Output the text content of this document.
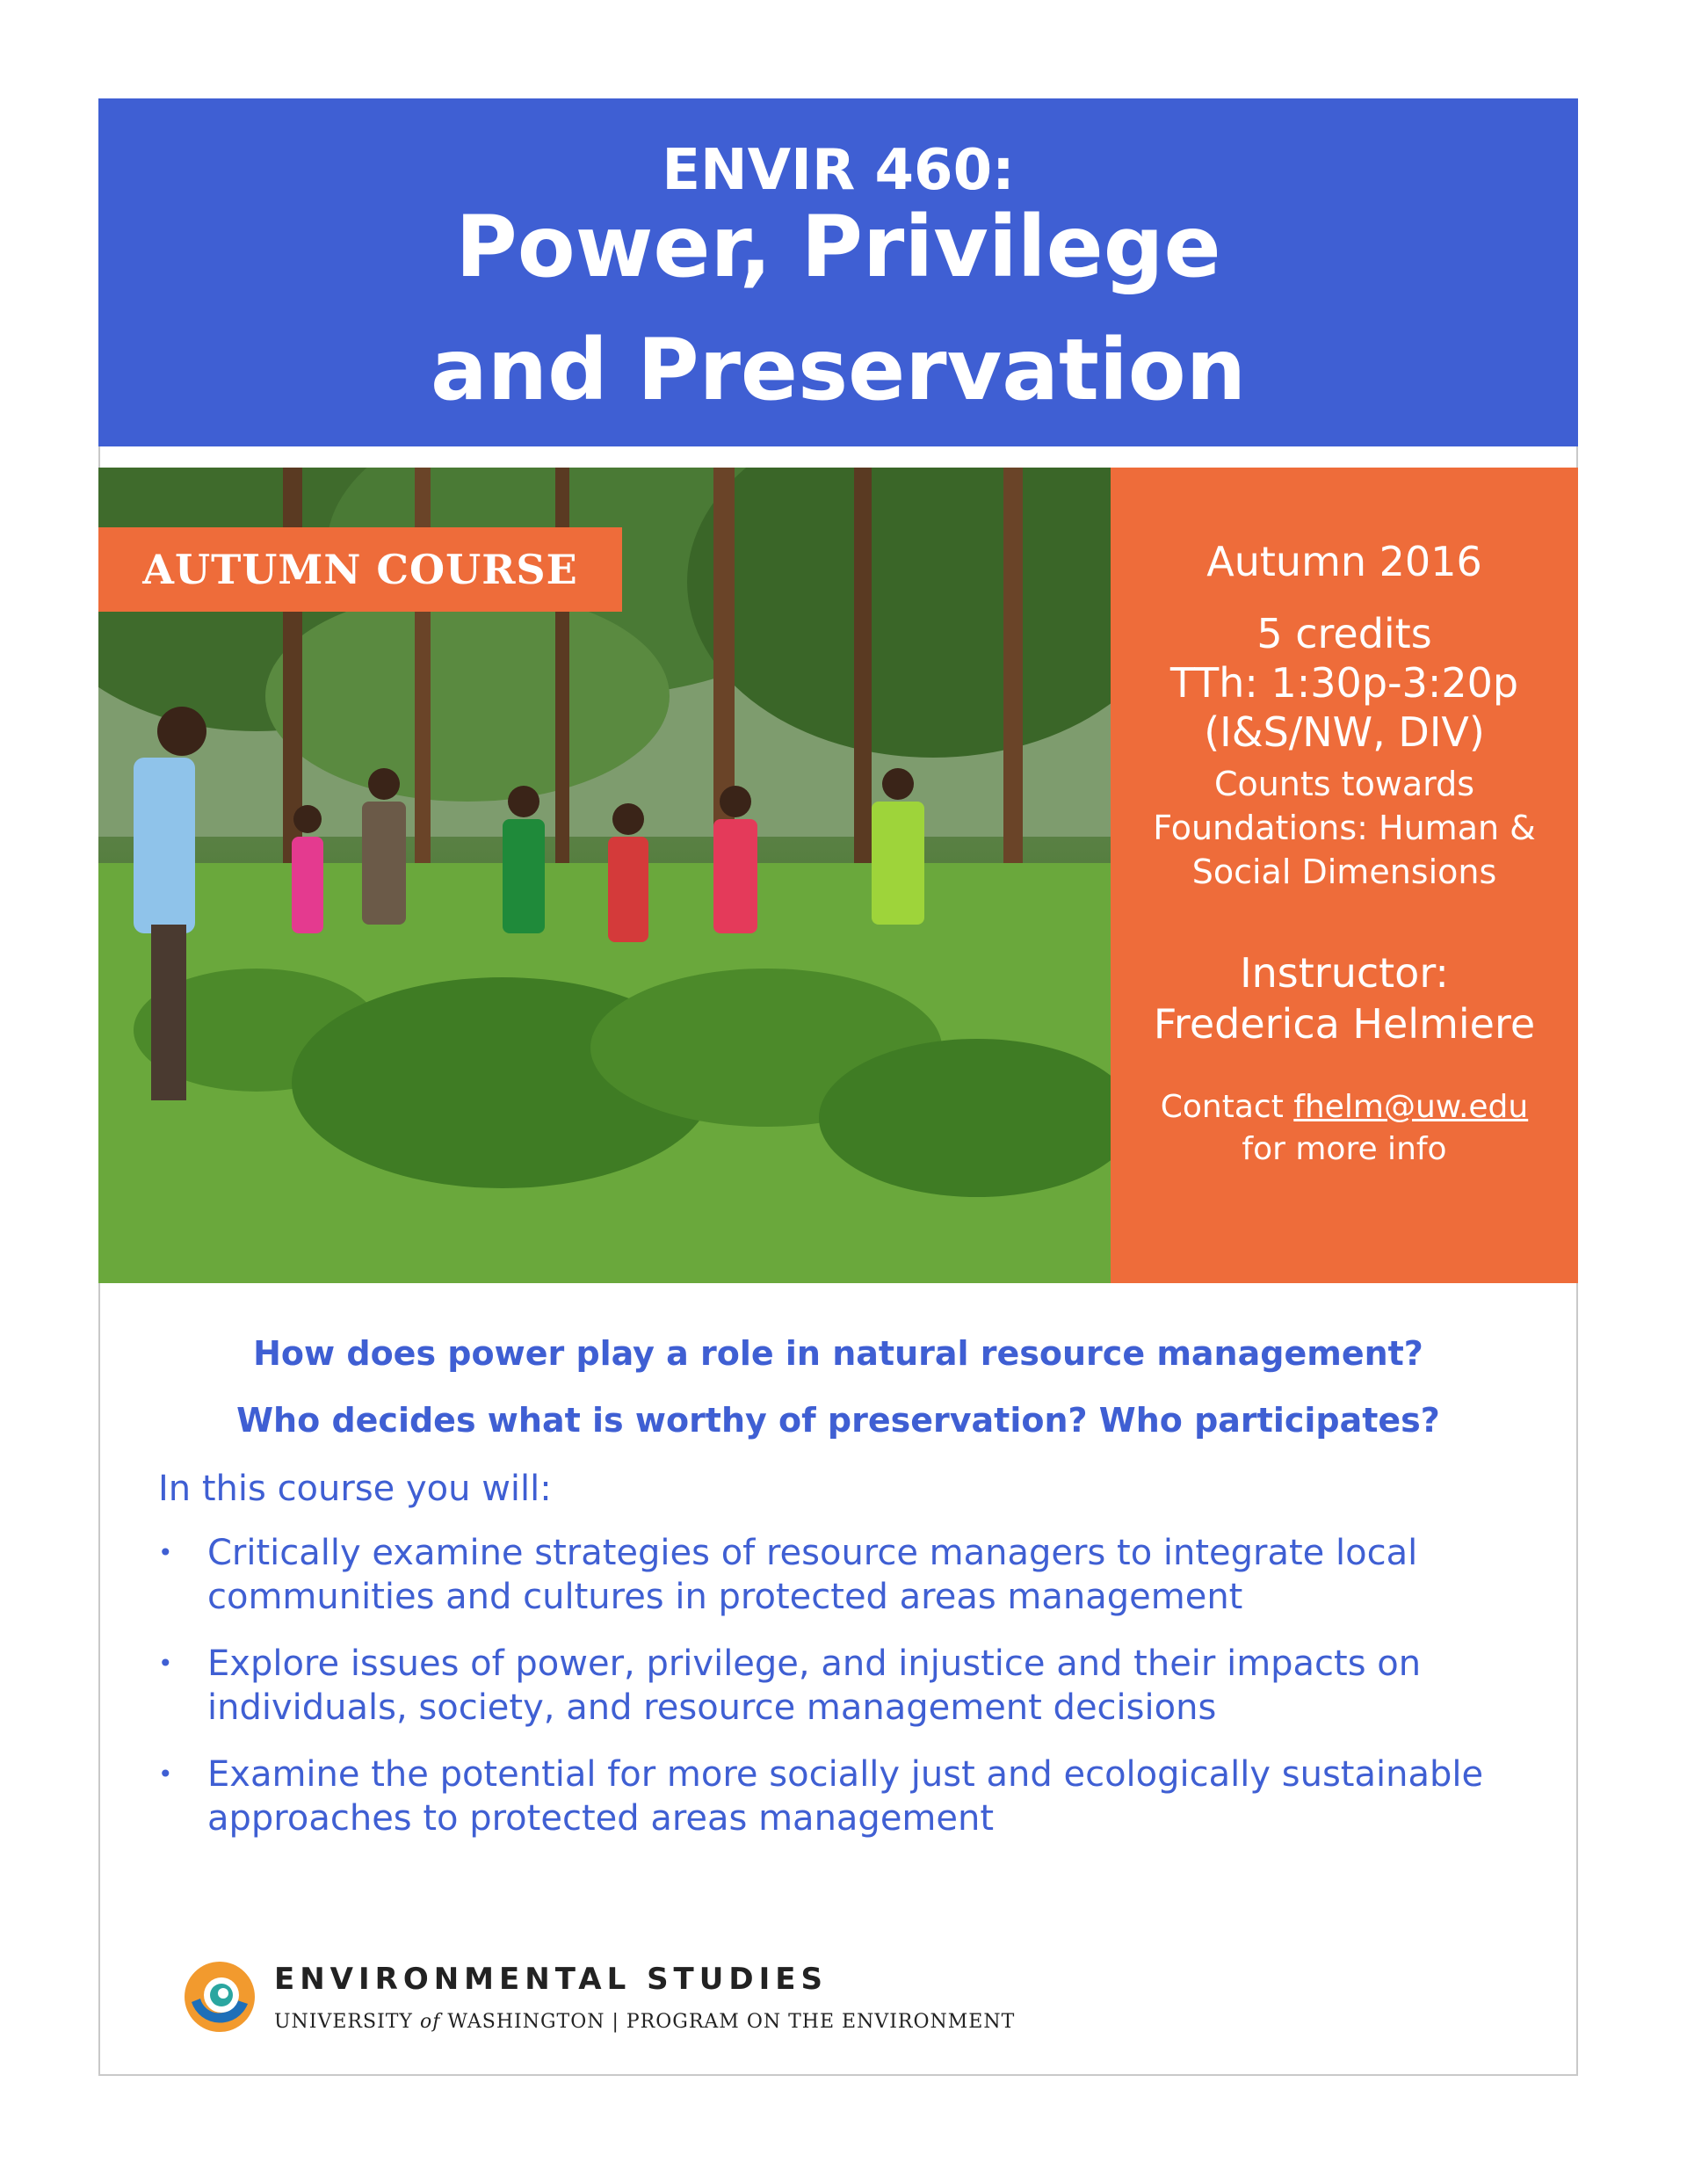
ENVIR 460:
Power, Privilege
and Preservation
AUTUMN COURSE	Autumn 2016
5 credits
TTh: 1:30p-3:20p
(I&S/NW, DIV)
Counts towards
Foundations: Human &
Social Dimensions
Instructor:
Frederica Helmiere
Contact fhelm@uw.edu
for more info
How does power play a role in natural resource management?
Who decides what is worthy of preservation? Who participates?
In this course you will:
• Critically examine strategies of resource managers to integrate local
communities and cultures in protected areas management
• Explore issues of power, privilege, and injustice and their impacts on
individuals, society, and resource management decisions
• Examine the potential for more socially just and ecologically sustainable
approaches to protected areas management
ENVIRONMENTAL STUDIES
UNIVERSITY of WASHINGTON | PROGRAM ON THE ENVIRONMENT
